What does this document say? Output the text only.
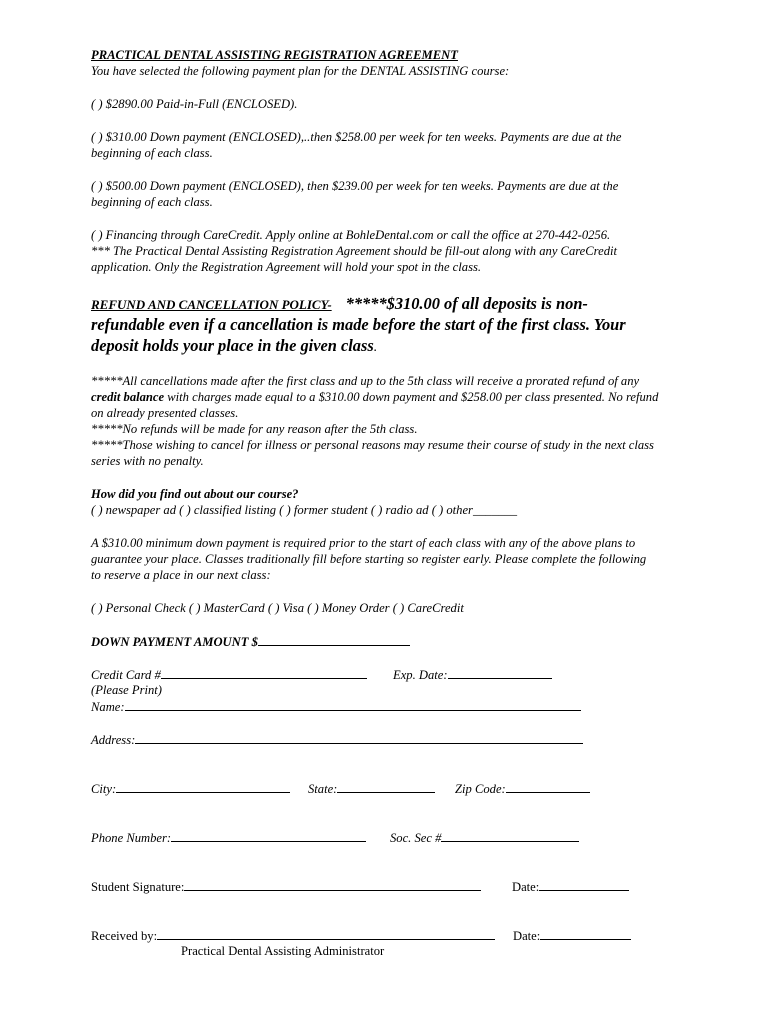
PRACTICAL DENTAL ASSISTING REGISTRATION AGREEMENT
You have selected the following payment plan for the DENTAL ASSISTING course:
( ) $2890.00 Paid-in-Full (ENCLOSED).
( ) $310.00 Down payment (ENCLOSED),..then $258.00 per week for ten weeks. Payments are due at the
beginning of each class.
( ) $500.00 Down payment (ENCLOSED), then $239.00 per week for ten weeks. Payments are due at the
beginning of each class.
( ) Financing through CareCredit. Apply online at BohleDental.com or call the office at 270-442-0256.
*** The Practical Dental Assisting Registration Agreement should be fill-out along with any CareCredit
application. Only the Registration Agreement will hold your spot in the class.
REFUND AND CANCELLATION POLICY- *****$310.00 of all deposits is non-
refundable even if a cancellation is made before the start of the first class. Your
deposit holds your place in the given class.
*****All cancellations made after the first class and up to the 5th class will receive a prorated refund of any
credit balance with charges made equal to a $310.00 down payment and $258.00 per class presented. No refund
on already presented classes.
*****No refunds will be made for any reason after the 5th class.
*****Those wishing to cancel for illness or personal reasons may resume their course of study in the next class
series with no penalty.
How did you find out about our course?
( ) newspaper ad ( ) classified listing ( ) former student ( ) radio ad ( ) other_______
A $310.00 minimum down payment is required prior to the start of each class with any of the above plans to
guarantee your place. Classes traditionally fill before starting so register early. Please complete the following
to reserve a place in our next class:
( ) Personal Check ( ) MasterCard ( ) Visa ( ) Money Order ( ) CareCredit
DOWN PAYMENT AMOUNT $
Credit Card #	Exp. Date:
(Please Print)
Name:
Address:
City:	State:	Zip Code:
Phone Number:	Soc. Sec #
Student Signature:	Date:
Received by:	Date:
Practical Dental Assisting Administrator
